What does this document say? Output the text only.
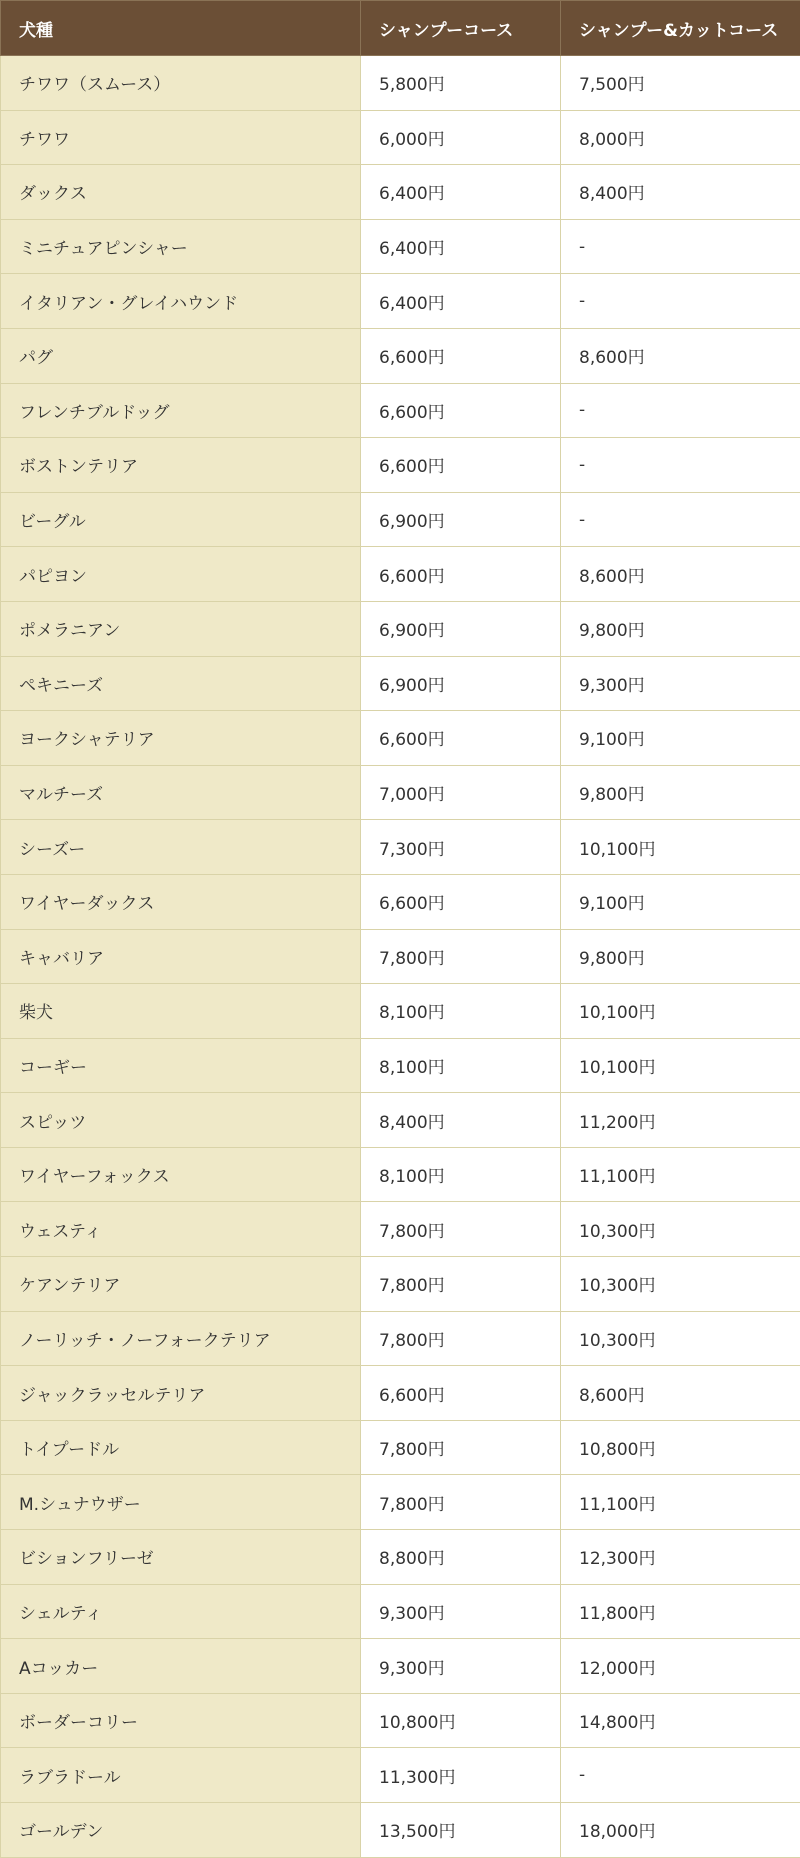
犬種	シャンプーコース	シャンプー&カットコース
チワワ（スムース）	5,800円	7,500円
チワワ	6,000円	8,000円
ダックス	6,400円	8,400円
ミニチュアピンシャー	6,400円	-
イタリアン・グレイハウンド	6,400円	-
パグ	6,600円	8,600円
フレンチブルドッグ	6,600円	-
ボストンテリア	6,600円	-
ビーグル	6,900円	-
パピヨン	6,600円	8,600円
ポメラニアン	6,900円	9,800円
ペキニーズ	6,900円	9,300円
ヨークシャテリア	6,600円	9,100円
マルチーズ	7,000円	9,800円
シーズー	7,300円	10,100円
ワイヤーダックス	6,600円	9,100円
キャバリア	7,800円	9,800円
柴犬	8,100円	10,100円
コーギー	8,100円	10,100円
スピッツ	8,400円	11,200円
ワイヤーフォックス	8,100円	11,100円
ウェスティ	7,800円	10,300円
ケアンテリア	7,800円	10,300円
ノーリッチ・ノーフォークテリア	7,800円	10,300円
ジャックラッセルテリア	6,600円	8,600円
トイプードル	7,800円	10,800円
M.シュナウザー	7,800円	11,100円
ビションフリーゼ	8,800円	12,300円
シェルティ	9,300円	11,800円
Aコッカー	9,300円	12,000円
ボーダーコリー	10,800円	14,800円
ラブラドール	11,300円	-
ゴールデン	13,500円	18,000円
